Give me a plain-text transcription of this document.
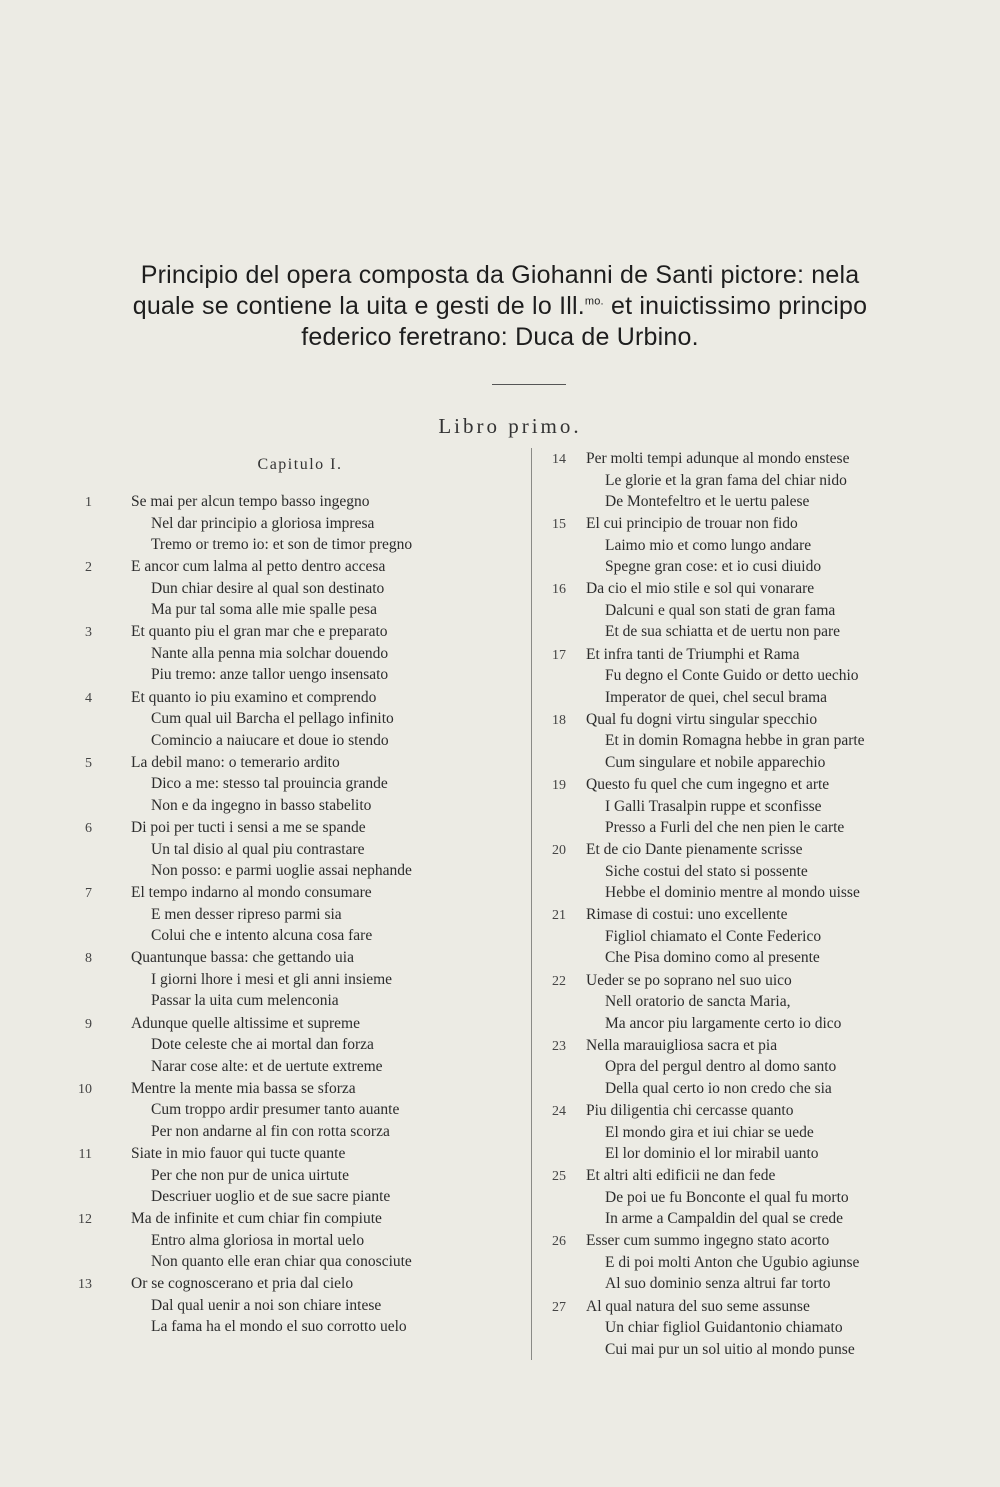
Principio del opera composta da Giohanni de Santi pictore: nela
quale se contiene la uita e gesti de lo Ill.$^{mo.}$ et inuictissimo principo
federico feretrano: Duca de Urbino.
Libro primo.
Capitulo I.
1	Se mai per alcun tempo basso ingegno
Nel dar principio a gloriosa impresa
Tremo or tremo io: et son de timor pregno
2	E ancor cum lalma al petto dentro accesa
Dun chiar desire al qual son destinato
Ma pur tal soma alle mie spalle pesa
3	Et quanto piu el gran mar che e preparato
Nante alla penna mia solchar douendo
Piu tremo: anze tallor uengo insensato
4	Et quanto io piu examino et comprendo
Cum qual uil Barcha el pellago infinito
Comincio a naiucare et doue io stendo
5	La debil mano: o temerario ardito
Dico a me: stesso tal prouincia grande
Non e da ingegno in basso stabelito
6	Di poi per tucti i sensi a me se spande
Un tal disio al qual piu contrastare
Non posso: e parmi uoglie assai nephande
7	El tempo indarno al mondo consumare
E men desser ripreso parmi sia
Colui che e intento alcuna cosa fare
8	Quantunque bassa: che gettando uia
I giorni lhore i mesi et gli anni insieme
Passar la uita cum melenconia
9	Adunque quelle altissime et supreme
Dote celeste che ai mortal dan forza
Narar cose alte: et de uertute extreme
10	Mentre la mente mia bassa se sforza
Cum troppo ardir presumer tanto auante
Per non andarne al fin con rotta scorza
11	Siate in mio fauor qui tucte quante
Per che non pur de unica uirtute
Descriuer uoglio et de sue sacre piante
12	Ma de infinite et cum chiar fin compiute
Entro alma gloriosa in mortal uelo
Non quanto elle eran chiar qua conosciute
13	Or se cognoscerano et pria dal cielo
Dal qual uenir a noi son chiare intese
La fama ha el mondo el suo corrotto uelo
14 Per molti tempi adunque al mondo enstese
Le glorie et la gran fama del chiar nido
De Montefeltro et le uertu palese
15 El cui principio de trouar non fido
Laimo mio et como lungo andare
Spegne gran cose: et io cusi diuido
16 Da cio el mio stile e sol qui vonarare
Dalcuni e qual son stati de gran fama
Et de sua schiatta et de uertu non pare
17 Et infra tanti de Triumphi et Rama
Fu degno el Conte Guido or detto uechio
Imperator de quei, chel secul brama
18 Qual fu dogni virtu singular specchio
Et in domin Romagna hebbe in gran parte
Cum singulare et nobile apparechio
19 Questo fu quel che cum ingegno et arte
I Galli Trasalpin ruppe et sconfisse
Presso a Furli del che nen pien le carte
20 Et de cio Dante pienamente scrisse
Siche costui del stato si possente
Hebbe el dominio mentre al mondo uisse
21 Rimase di costui: uno excellente
Figliol chiamato el Conte Federico
Che Pisa domino como al presente
22 Ueder se po soprano nel suo uico
Nell oratorio de sancta Maria,
Ma ancor piu largamente certo io dico
23 Nella marauigliosa sacra et pia
Opra del pergul dentro al domo santo
Della qual certo io non credo che sia
24 Piu diligentia chi cercasse quanto
El mondo gira et iui chiar se uede
El lor dominio el lor mirabil uanto
25 Et altri alti edificii ne dan fede
De poi ue fu Bonconte el qual fu morto
In arme a Campaldin del qual se crede
26 Esser cum summo ingegno stato acorto
E di poi molti Anton che Ugubio agiunse
Al suo dominio senza altrui far torto
27 Al qual natura del suo seme assunse
Un chiar figliol Guidantonio chiamato
Cui mai pur un sol uitio al mondo punse
